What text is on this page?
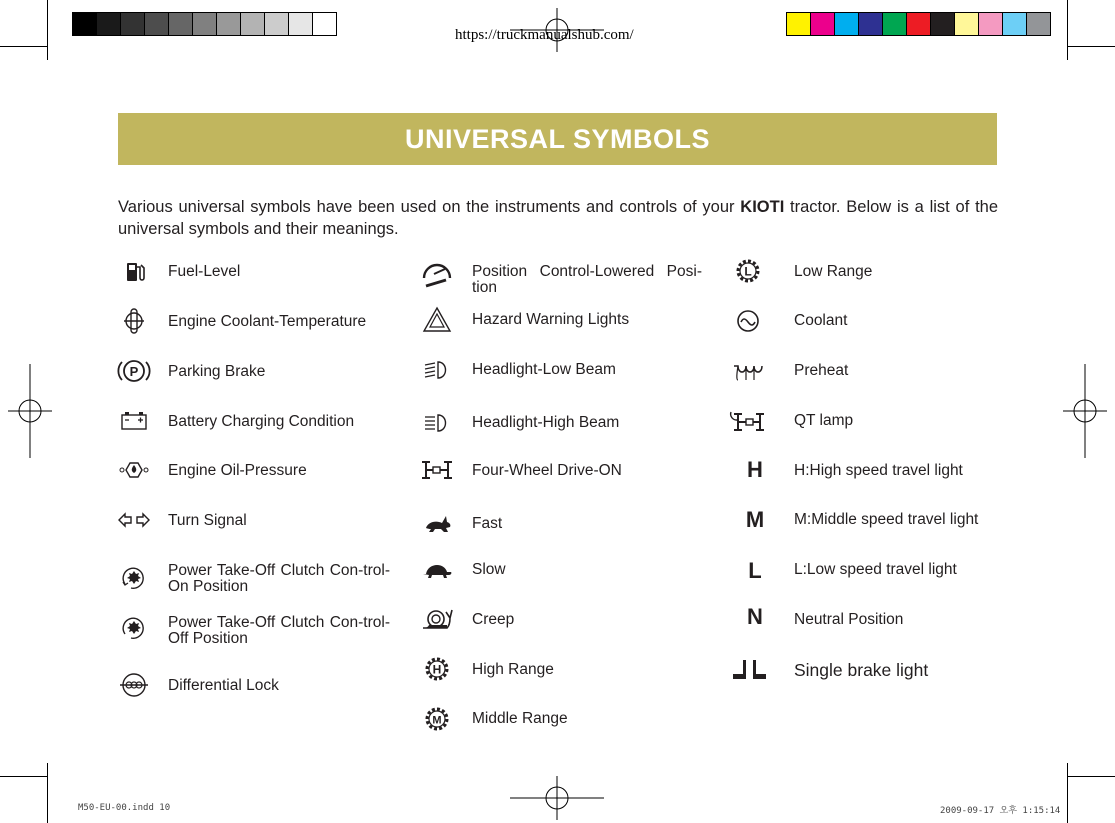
https://truckmanualshub.com/
UNIVERSAL SYMBOLS
Various universal symbols have been used on the instruments and controls of your KIOTI tractor. Below is a list of the universal symbols and their meanings.
Fuel-Level
Engine Coolant-Temperature
P Parking Brake
Battery Charging Condition
Engine Oil-Pressure
Turn Signal
Power Take-Off Clutch Con-trol-On Position
Power Take-Off Clutch Con-trol-Off Position
Differential Lock
Position Control-Lowered Posi-tion
Hazard Warning Lights
Headlight-Low Beam
Headlight-High Beam
Four-Wheel Drive-ON
Fast
Slow
Creep
H High Range
M Middle Range
L	Low Range
Coolant
Preheat
QT lamp
H	H:High speed travel light
M	M:Middle speed travel light
L	L:Low speed travel light
N	Neutral Position
Single brake light
M50-EU-00.indd 10	2009-09-17 오후 1:15:14
